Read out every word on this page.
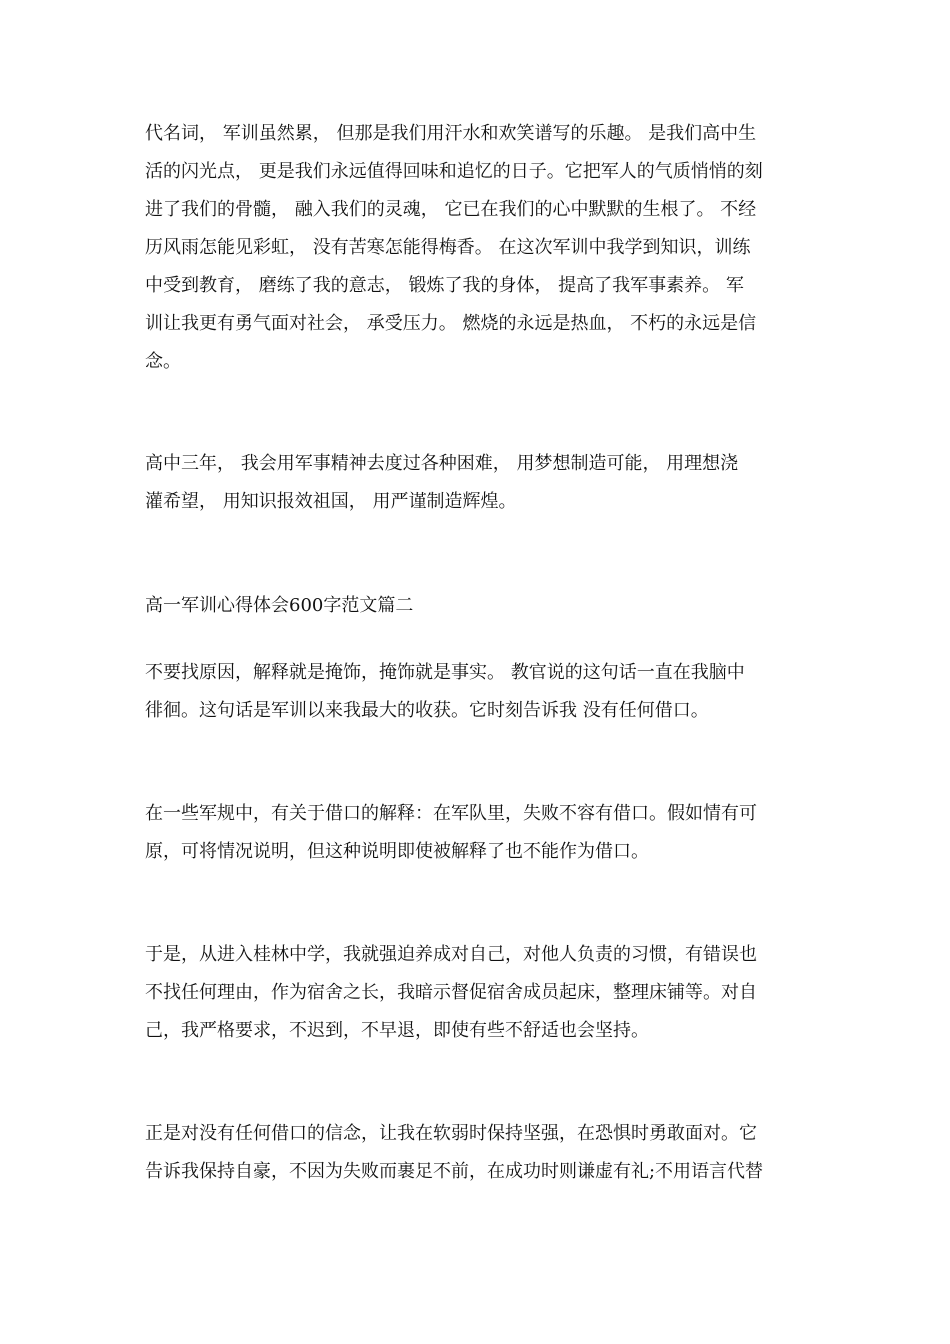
代名词， 军训虽然累， 但那是我们用汗水和欢笑谱写的乐趣。 是我们高中生
活的闪光点， 更是我们永远值得回味和追忆的日子。它把军人的气质悄悄的刻
进了我们的骨髓， 融入我们的灵魂， 它已在我们的心中默默的生根了。 不经
历风雨怎能见彩虹， 没有苦寒怎能得梅香。 在这次军训中我学到知识，训练
中受到教育， 磨练了我的意志， 锻炼了我的身体， 提高了我军事素养。 军
训让我更有勇气面对社会， 承受压力。 燃烧的永远是热血， 不朽的永远是信
念。
高中三年， 我会用军事精神去度过各种困难， 用梦想制造可能， 用理想浇
灌希望， 用知识报效祖国， 用严谨制造辉煌。
高一军训心得体会600字范文篇二
不要找原因，解释就是掩饰，掩饰就是事实。 教官说的这句话一直在我脑中
徘徊。这句话是军训以来我最大的收获。它时刻告诉我 没有任何借口。
在一些军规中，有关于借口的解释：在军队里，失败不容有借口。假如情有可
原，可将情况说明，但这种说明即使被解释了也不能作为借口。
于是，从进入桂林中学，我就强迫养成对自己，对他人负责的习惯，有错误也
不找任何理由，作为宿舍之长，我暗示督促宿舍成员起床，整理床铺等。对自
己，我严格要求，不迟到，不早退，即使有些不舒适也会坚持。
正是对没有任何借口的信念，让我在软弱时保持坚强，在恐惧时勇敢面对。它
告诉我保持自豪，不因为失败而裹足不前，在成功时则谦虚有礼;不用语言代替
